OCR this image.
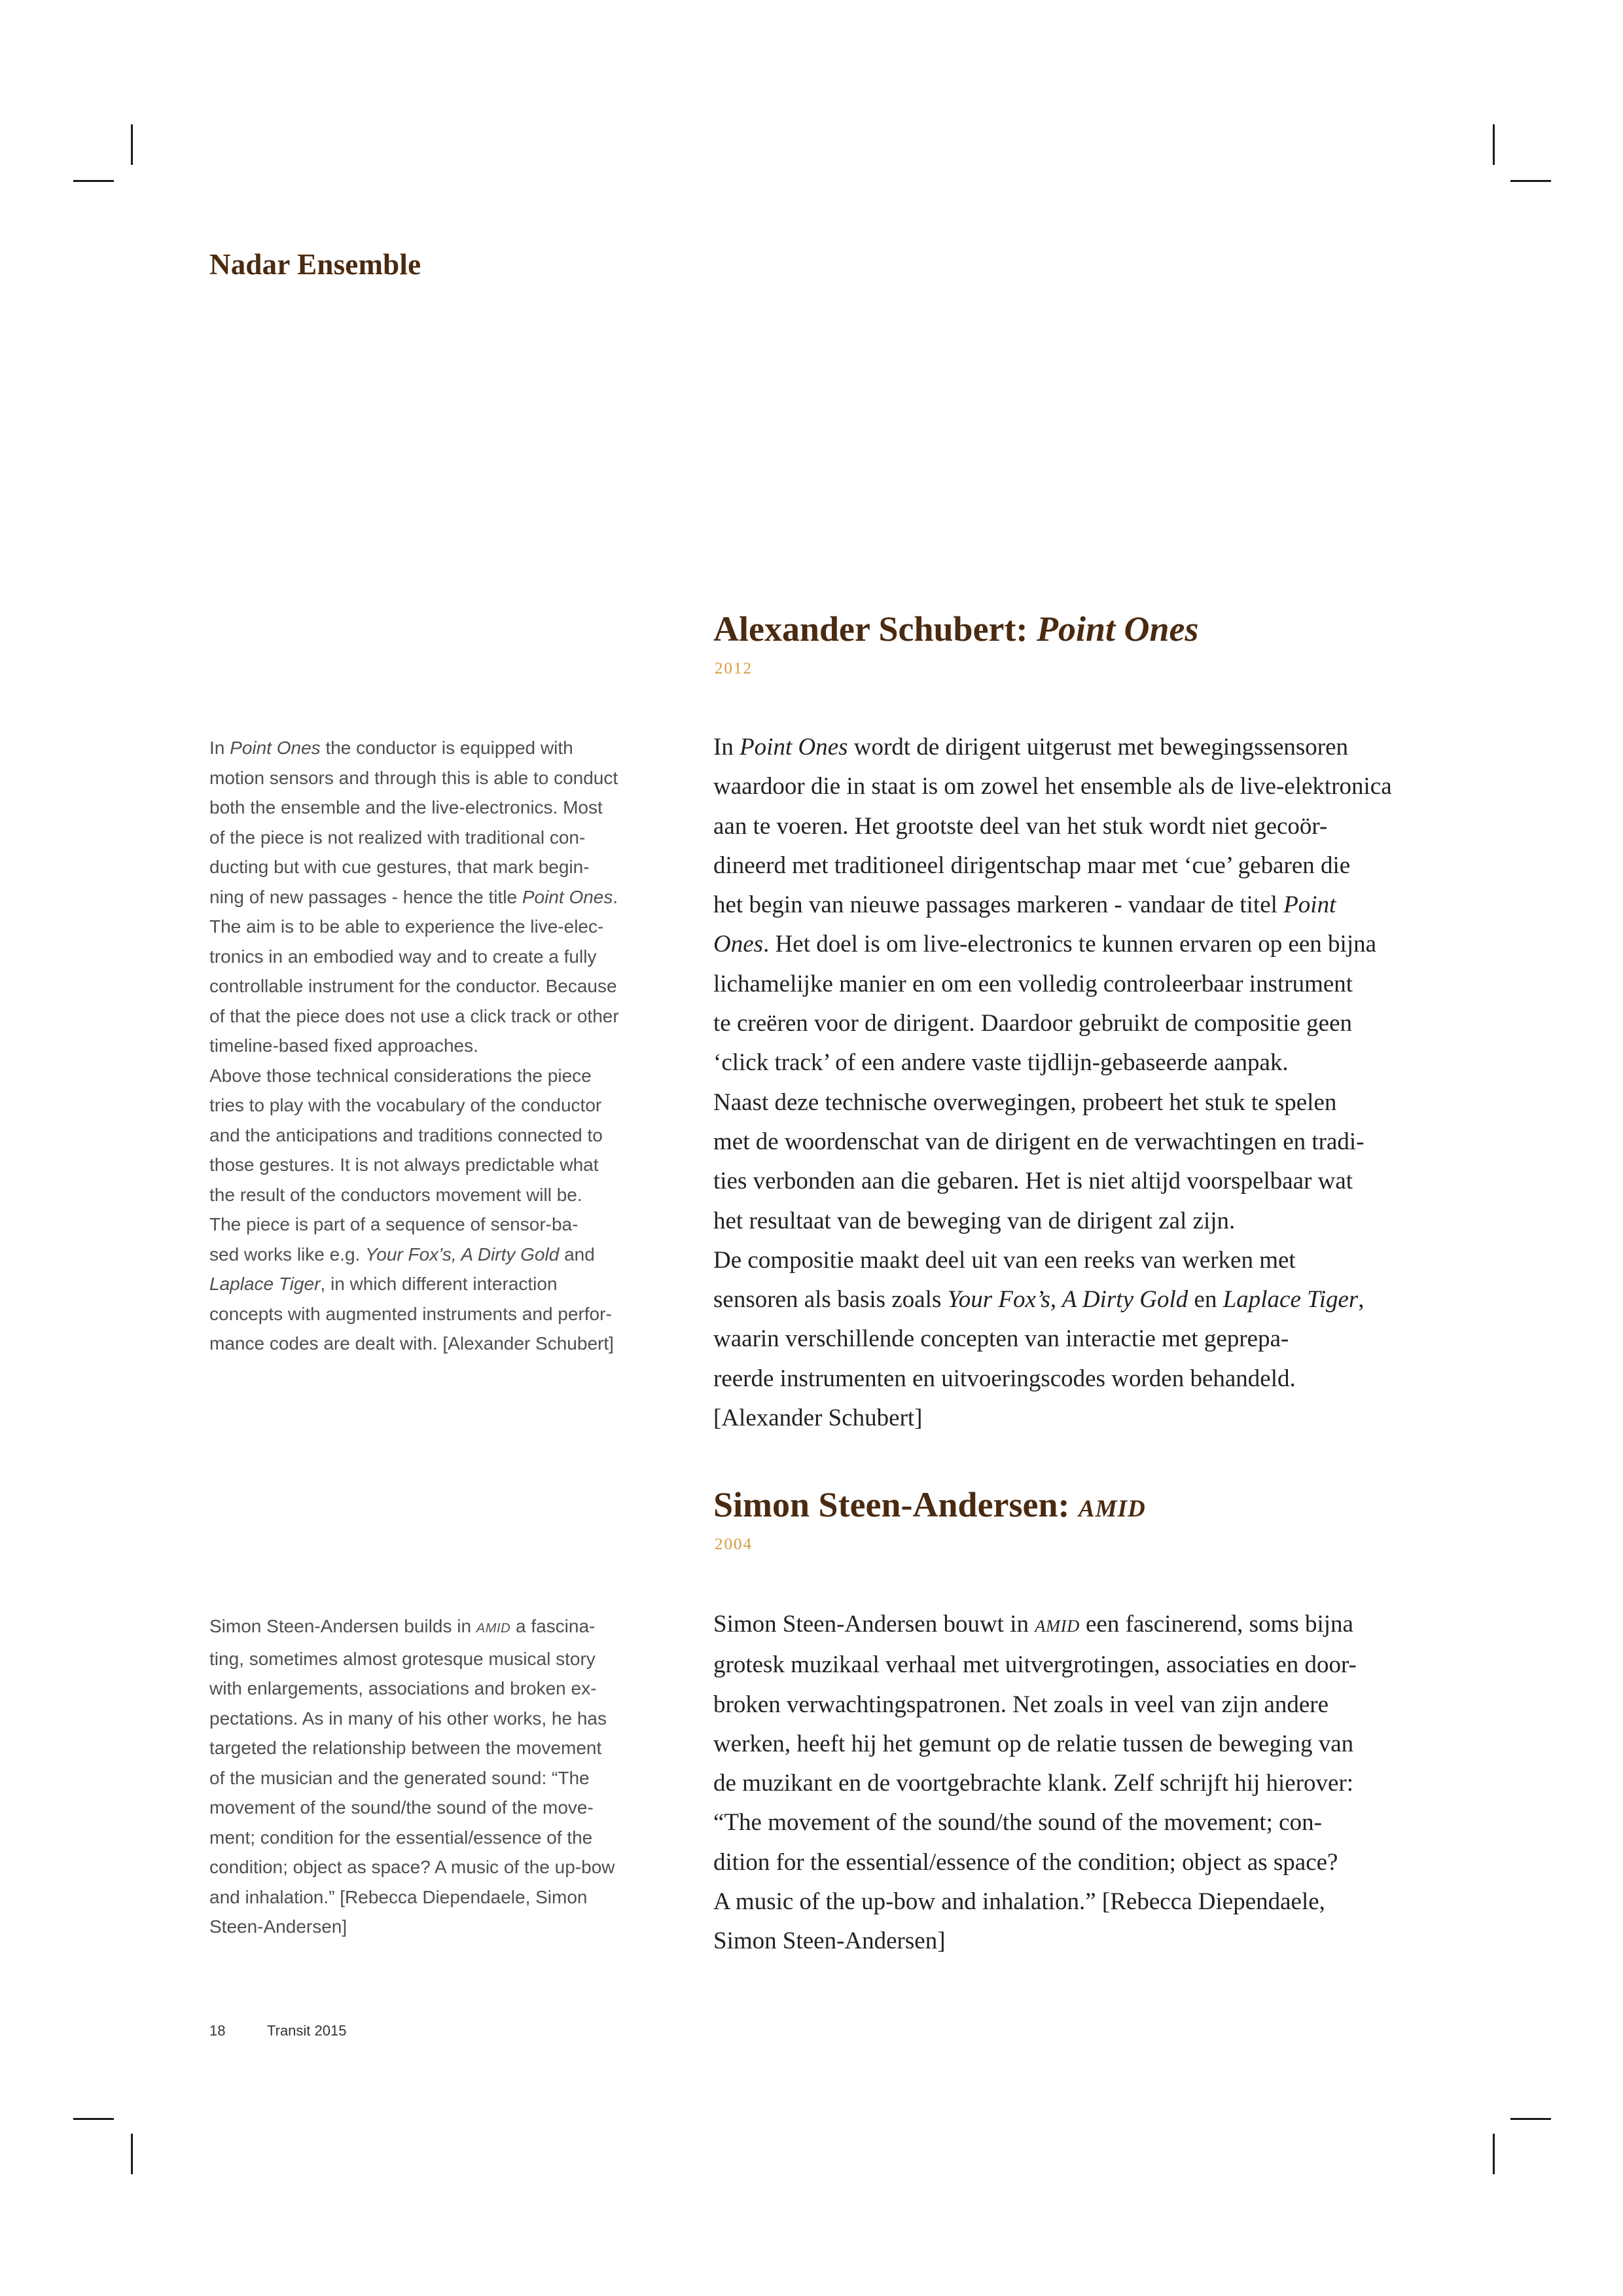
Nadar Ensemble
Alexander Schubert: Point Ones
2012
In Point Ones the conductor is equipped with
motion sensors and through this is able to conduct
both the ensemble and the live-electronics. Most
of the piece is not realized with traditional con-
ducting but with cue gestures, that mark begin-
ning of new passages - hence the title Point Ones.
The aim is to be able to experience the live-elec-
tronics in an embodied way and to create a fully
controllable instrument for the conductor. Because
of that the piece does not use a click track or other
timeline-based fixed approaches.
Above those technical considerations the piece
tries to play with the vocabulary of the conductor
and the anticipations and traditions connected to
those gestures. It is not always predictable what
the result of the conductors movement will be.
The piece is part of a sequence of sensor-ba-
sed works like e.g. Your Fox’s, A Dirty Gold and
Laplace Tiger, in which different interaction
concepts with augmented instruments and perfor-
mance codes are dealt with. [Alexander Schubert]
In Point Ones wordt de dirigent uitgerust met bewegingssensoren
waardoor die in staat is om zowel het ensemble als de live-elektronica
aan te voeren. Het grootste deel van het stuk wordt niet gecoör-
dineerd met traditioneel dirigentschap maar met ‘cue’ gebaren die
het begin van nieuwe passages markeren - vandaar de titel Point
Ones. Het doel is om live-electronics te kunnen ervaren op een bijna
lichamelijke manier en om een volledig controleerbaar instrument
te creëren voor de dirigent. Daardoor gebruikt de compositie geen
‘click track’ of een andere vaste tijdlijn-gebaseerde aanpak.
Naast deze technische overwegingen, probeert het stuk te spelen
met de woordenschat van de dirigent en de verwachtingen en tradi-
ties verbonden aan die gebaren. Het is niet altijd voorspelbaar wat
het resultaat van de beweging van de dirigent zal zijn.
De compositie maakt deel uit van een reeks van werken met
sensoren als basis zoals Your Fox’s, A Dirty Gold en Laplace Tiger,
waarin verschillende concepten van interactie met geprepa-
reerde instrumenten en uitvoeringscodes worden behandeld.
[Alexander Schubert]
Simon Steen-Andersen: AMID
2004
Simon Steen-Andersen builds in AMID a fascina-
ting, sometimes almost grotesque musical story
with enlargements, associations and broken ex-
pectations. As in many of his other works, he has
targeted the relationship between the movement
of the musician and the generated sound: “The
movement of the sound/the sound of the move-
ment; condition for the essential/essence of the
condition; object as space? A music of the up-bow
and inhalation.” [Rebecca Diependaele, Simon
Steen-Andersen]
Simon Steen-Andersen bouwt in AMID een fascinerend, soms bijna
grotesk muzikaal verhaal met uitvergrotingen, associaties en door-
broken verwachtingspatronen. Net zoals in veel van zijn andere
werken, heeft hij het gemunt op de relatie tussen de beweging van
de muzikant en de voortgebrachte klank. Zelf schrijft hij hierover:
“The movement of the sound/the sound of the movement; con-
dition for the essential/essence of the condition; object as space?
A music of the up-bow and inhalation.” [Rebecca Diependaele,
Simon Steen-Andersen]
18	Transit 2015
